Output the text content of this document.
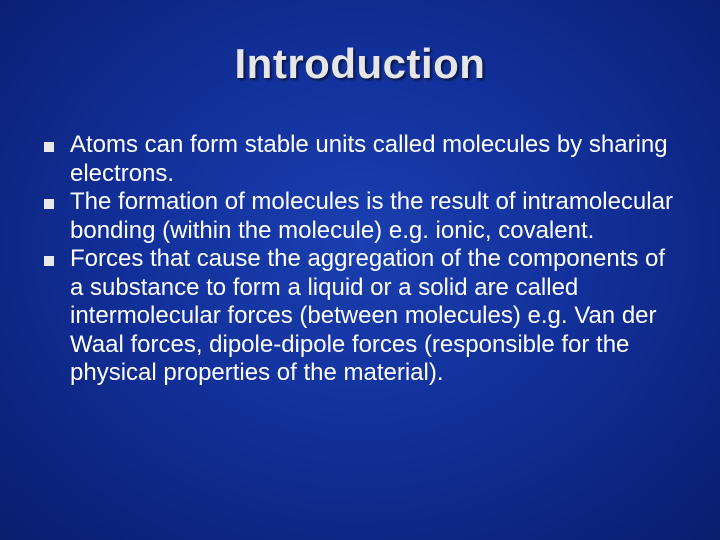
Introduction
Atoms can form stable units called molecules by sharing electrons.
The formation of molecules is the result of intramolecular bonding (within the molecule) e.g. ionic, covalent.
Forces that cause the aggregation of the components of a substance to form a liquid or a solid are called intermolecular forces (between molecules) e.g. Van der Waal forces, dipole-dipole forces (responsible for the physical properties of the material).
